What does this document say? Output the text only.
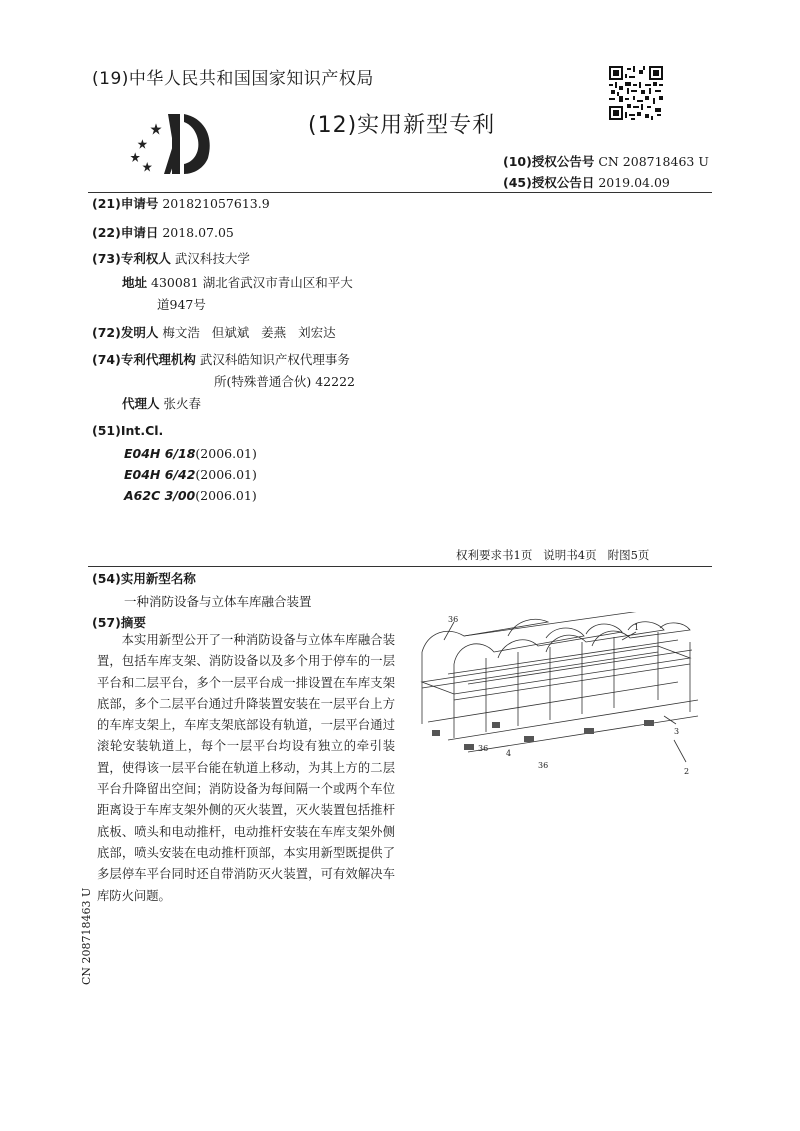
(19)中华人民共和国国家知识产权局
(12)实用新型专利
(10)授权公告号 CN 208718463 U
(45)授权公告日 2019.04.09
(21)申请号 201821057613.9
(22)申请日 2018.07.05
(73)专利权人 武汉科技大学
地址 430081 湖北省武汉市青山区和平大
道947号
(72)发明人 梅文浩   但斌斌   姜燕   刘宏达
(74)专利代理机构 武汉科皓知识产权代理事务
所(特殊普通合伙) 42222
代理人 张火春
(51)Int.Cl.
E04H 6/18(2006.01)
E04H 6/42(2006.01)
A62C 3/00(2006.01)
权利要求书1页   说明书4页   附图5页
(54)实用新型名称
一种消防设备与立体车库融合装置
(57)摘要
本实用新型公开了一种消防设备与立体车库融合装置，包括车库支架、消防设备以及多个用于停车的一层平台和二层平台，多个一层平台成一排设置在车库支架底部，多个二层平台通过升降装置安装在一层平台上方的车库支架上，车库支架底部设有轨道，一层平台通过滚轮安装轨道上，每个一层平台均设有独立的牵引装置，使得该一层平台能在轨道上移动，为其上方的二层平台升降留出空间；消防设备为每间隔一个或两个车位距离设于车库支架外侧的灭火装置，灭火装置包括推杆底板、喷头和电动推杆，电动推杆安装在车库支架外侧底部，喷头安装在电动推杆顶部，本实用新型既提供了多层停车平台同时还自带消防灭火装置，可有效解决车库防火问题。
36
1
36
4
3
36
2
CN 208718463 U
